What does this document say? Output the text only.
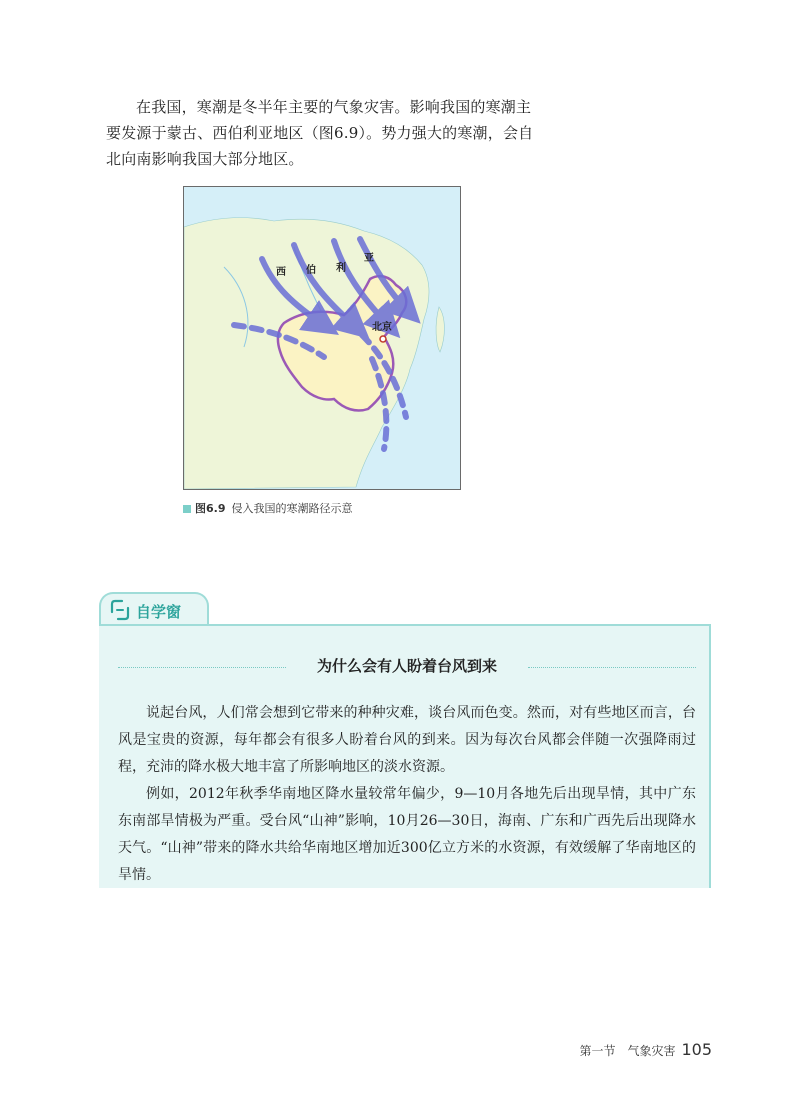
在我国，寒潮是冬半年主要的气象灾害。影响我国的寒潮主要发源于蒙古、西伯利亚地区（图6.9）。势力强大的寒潮，会自北向南影响我国大部分地区。

西 伯 利
亚
北京
图6.9 侵入我国的寒潮路径示意
自学窗
为什么会有人盼着台风到来

说起台风，人们常会想到它带来的种种灾难，谈台风而色变。然而，对有些地区而言，台风是宝贵的资源，每年都会有很多人盼着台风的到来。因为每次台风都会伴随一次强降雨过程，充沛的降水极大地丰富了所影响地区的淡水资源。

例如，2012年秋季华南地区降水量较常年偏少，9—10月各地先后出现旱情，其中广东东南部旱情极为严重。受台风“山神”影响，10月26—30日，海南、广东和广西先后出现降水天气。“山神”带来的降水共给华南地区增加近300亿立方米的水资源，有效缓解了华南地区的旱情。

第一节　气象灾害 105
